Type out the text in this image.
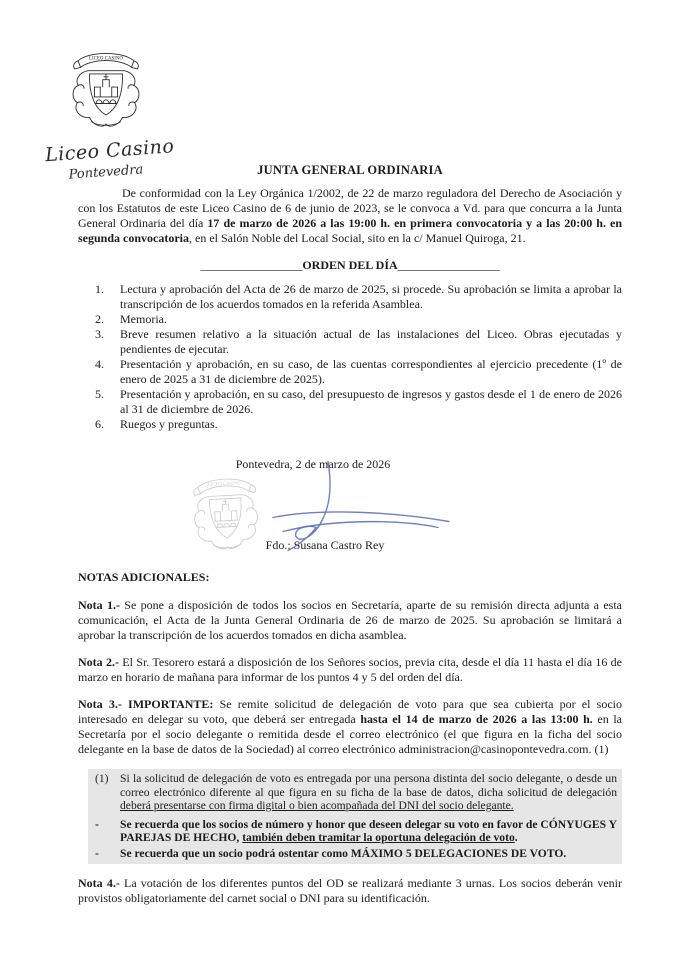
Liceo Casino
Pontevedra	JUNTA GENERAL ORDINARIA

De conformidad con la Ley Orgánica 1/2002, de 22 de marzo reguladora del Derecho de Asociación y con los Estatutos de este Liceo Casino de 6 de junio de 2023, se le convoca a Vd. para que concurra a la Junta General Ordinaria del día 17 de marzo de 2026 a las 19:00 h. en primera convocatoria y a las 20:00 h. en segunda convocatoria, en el Salón Noble del Local Social, sito en la c/ Manuel Quiroga, 21.

_________________ORDEN DEL DÍA_________________
1. Lectura y aprobación del Acta de 26 de marzo de 2025, si procede. Su aprobación se limita a aprobar la transcripción de los acuerdos tomados en la referida Asamblea.
2. Memoria.
3. Breve resumen relativo a la situación actual de las instalaciones del Liceo. Obras ejecutadas y pendientes de ejecutar.
4. Presentación y aprobación, en su caso, de las cuentas correspondientes al ejercicio precedente (1º de enero de 2025 a 31 de diciembre de 2025).
5. Presentación y aprobación, en su caso, del presupuesto de ingresos y gastos desde el 1 de enero de 2026 al 31 de diciembre de 2026.
6. Ruegos y preguntas.
Pontevedra, 2 de marzo de 2026
Fdo.: Susana Castro Rey
NOTAS ADICIONALES:

Nota 1.- Se pone a disposición de todos los socios en Secretaría, aparte de su remisión directa adjunta a esta comunicación, el Acta de la Junta General Ordinaria de 26 de marzo de 2025. Su aprobación se limitará a aprobar la transcripción de los acuerdos tomados en dicha asamblea.

Nota 2.- El Sr. Tesorero estará a disposición de los Señores socios, previa cita, desde el día 11 hasta el día 16 de marzo en horario de mañana para informar de los puntos 4 y 5 del orden del día.

Nota 3.- IMPORTANTE: Se remite solicitud de delegación de voto para que sea cubierta por el socio interesado en delegar su voto, que deberá ser entregada hasta el 14 de marzo de 2026 a las 13:00 h. en la Secretaría por el socio delegante o remitida desde el correo electrónico (el que figura en la ficha del socio delegante en la base de datos de la Sociedad) al correo electrónico administracion@casinopontevedra.com. (1)

(1) Si la solicitud de delegación de voto es entregada por una persona distinta del socio delegante, o desde un correo electrónico diferente al que figura en su ficha de la base de datos, dicha solicitud de delegación deberá presentarse con firma digital o bien acompañada del DNI del socio delegante.
- Se recuerda que los socios de número y honor que deseen delegar su voto en favor de CÓNYUGES Y PAREJAS DE HECHO, también deben tramitar la oportuna delegación de voto.
- Se recuerda que un socio podrá ostentar como MÁXIMO 5 DELEGACIONES DE VOTO.

Nota 4.- La votación de los diferentes puntos del OD se realizará mediante 3 urnas. Los socios deberán venir provistos obligatoriamente del carnet social o DNI para su identificación.
